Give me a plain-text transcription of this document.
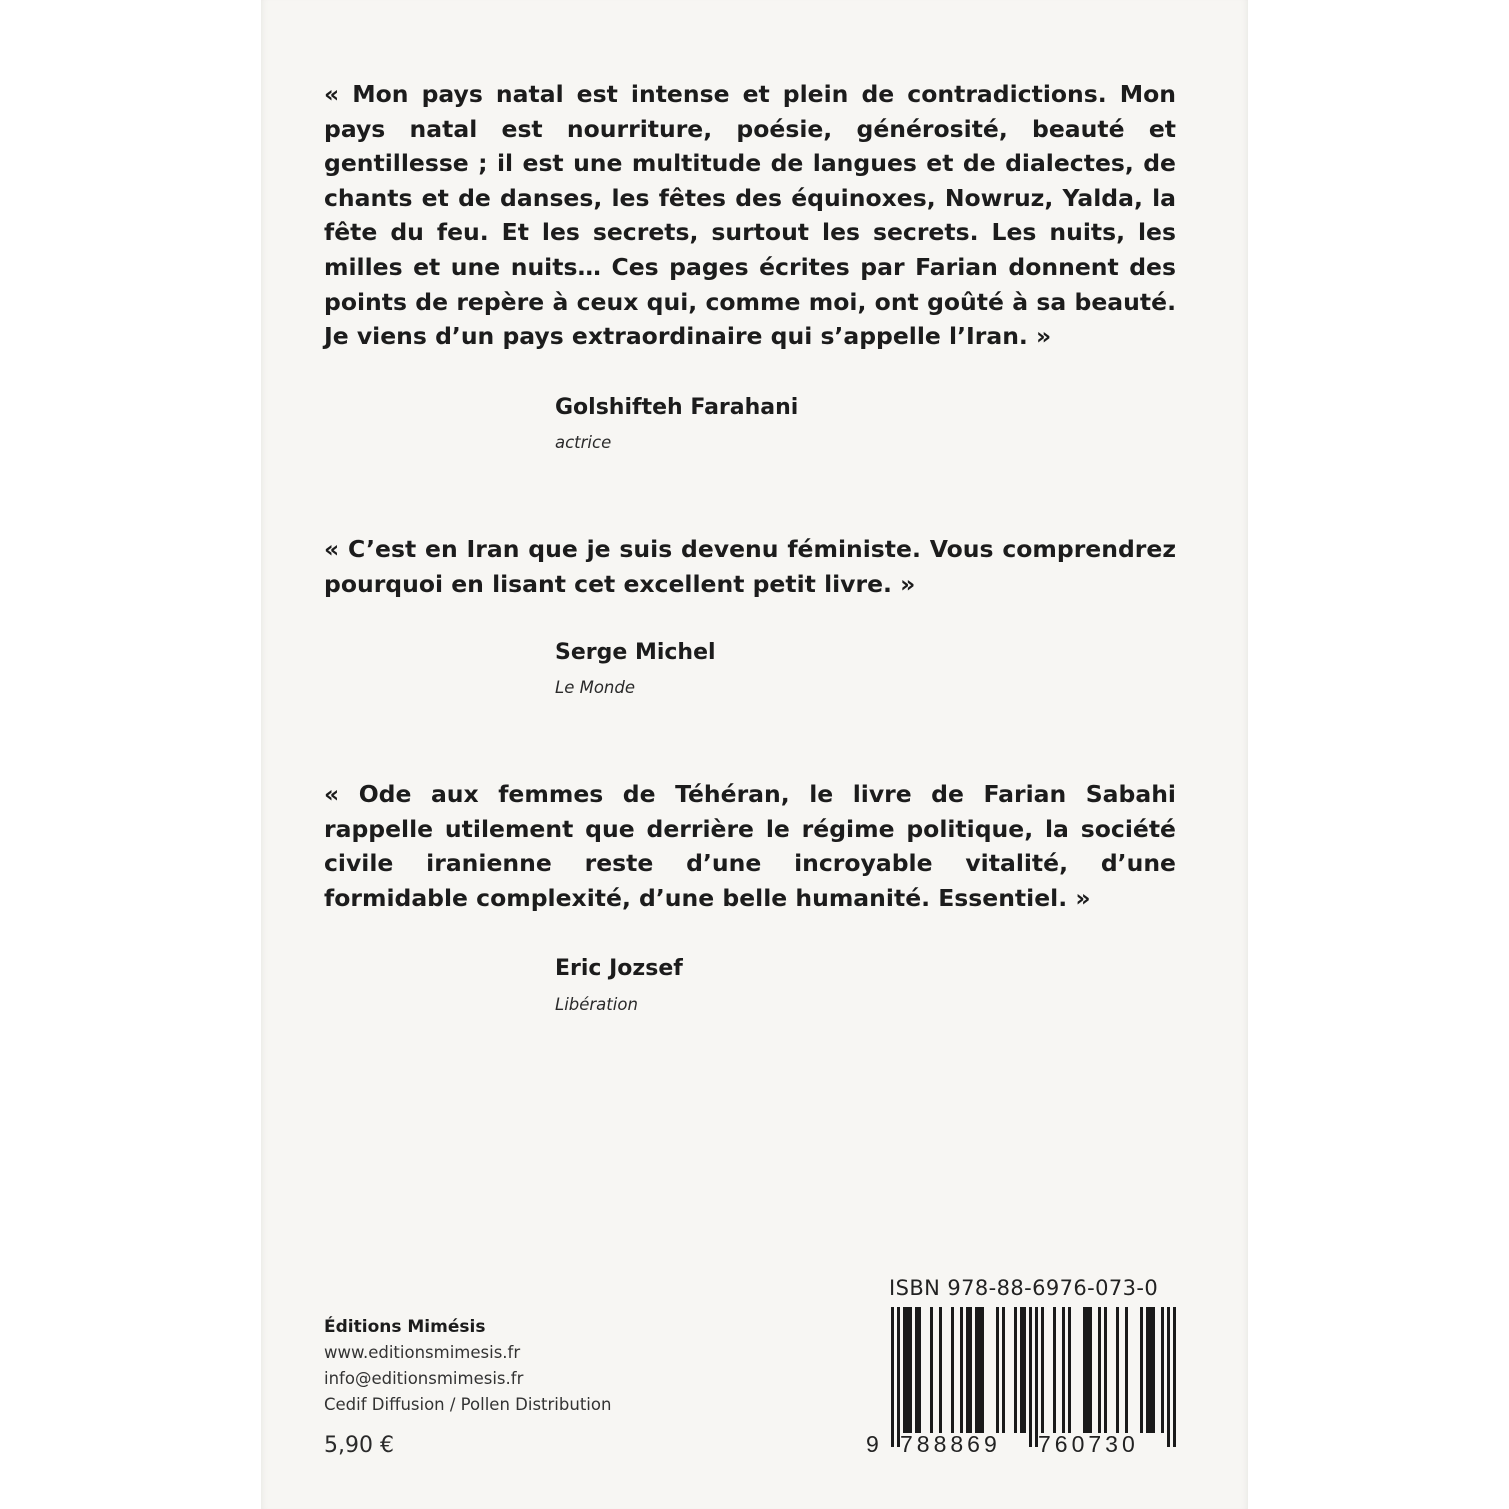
« Mon pays natal est intense et plein de contradictions. Mon pays natal est nourriture, poésie, générosité, beauté et gentillesse ; il est une multitude de langues et de dialectes, de chants et de danses, les fêtes des équinoxes, Nowruz, Yalda, la fête du feu. Et les secrets, surtout les secrets. Les nuits, les milles et une nuits… Ces pages écrites par Farian donnent des points de repère à ceux qui, comme moi, ont goûté à sa beauté. Je viens d’un pays extraordinaire qui s’appelle l’Iran. »

Golshifteh Farahani

actrice

« C’est en Iran que je suis devenu féministe. Vous comprendrez pourquoi en lisant cet excellent petit livre. »

Serge Michel

Le Monde

« Ode aux femmes de Téhéran, le livre de Farian Sabahi rappelle utilement que derrière le régime politique, la société civile iranienne reste d’une incroyable vitalité, d’une formidable complexité, d’une belle humanité. Essentiel. »

Eric Jozsef

Libération

Éditions Mimésis

www.editionsmimesis.fr

info@editionsmimesis.fr

Cedif Diffusion / Pollen Distribution

5,90 €

ISBN 978-88-6976-073-0

9 788869 760730
